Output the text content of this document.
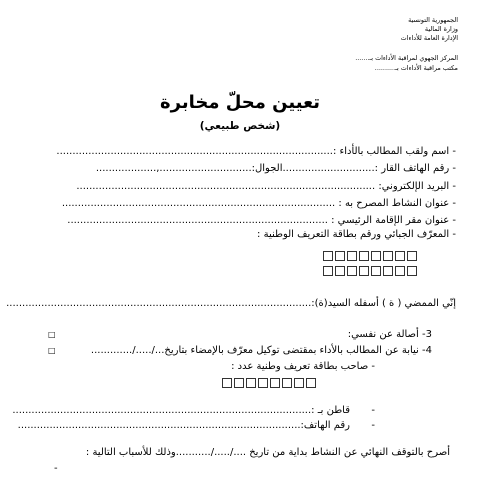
الجمهورية التونسية
وزارة المالية
الإدارة العامة للأداءات
المركز الجهوي لمراقبة الأداءات بـ.......
مكتب مراقبة الأداءات بـ..........
تعيين محلّ مخابرة
(شخص طبيعي)
- اسم ولقب المطالب بالأداء :.......................................................................................
- رقم الهاتف القار :.............................الجوال:.............................,...................
- البريد الإلكتروني: ..............................................................................................
- عنوان النشاط المصرح به : ......................................................................................
- عنوان مقر الإقامة الرئيسي : ..................................................................................
- المعرّف الجبائي ورقم بطاقة التعريف الوطنية :
إنّي الممضي ( ة ) أسفله السيد(ة):................................................................................................
3- أصالة عن نفسي:
□
4- نيابة عن المطالب بالأداء بمقتضى توكيل معرّف بالإمضاء بتاريخ.../...../.............
□
- صاحب بطاقة تعريف وطنية عدد :
-
قاطن بـ :..............................................................................................
-
رقم الهاتف:.........................................................................................
أصرح بالتوقف النهائي عن النشاط بداية من تاريخ ..../...../...........وذلك للأسباب التالية :
-
